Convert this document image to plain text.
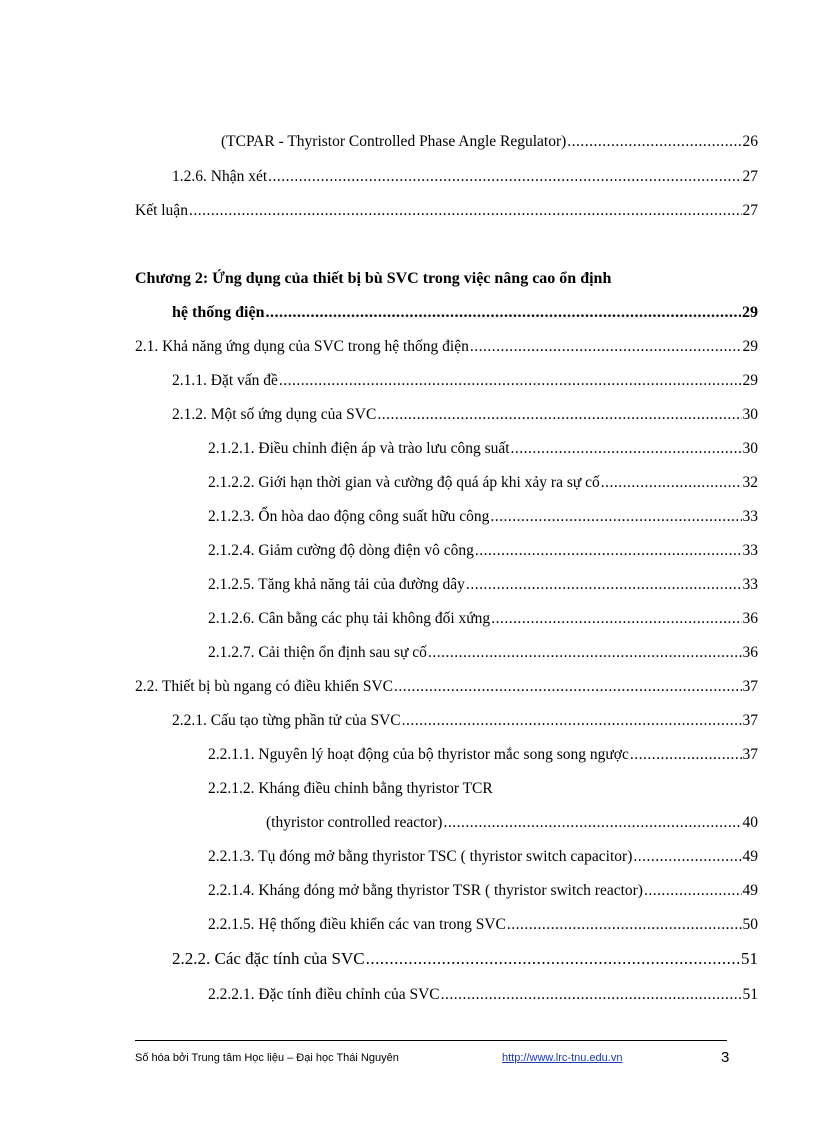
(TCPAR - Thyristor Controlled Phase Angle Regulator) .....	26
1.2.6. Nhận xét .....	27
Kết luận .....	27
Chương 2: Ứng dụng của thiết bị bù SVC trong việc nâng cao ổn định
hệ thống điện .....	29
2.1. Khả năng ứng dụng của SVC trong hệ thống điện .....	29
2.1.1. Đặt vấn đề .....	29
2.1.2. Một số ứng dụng của SVC .....	30
2.1.2.1. Điều chỉnh điện áp và trào lưu công suất .....	30
2.1.2.2. Giới hạn thời gian và cường độ quá áp khi xảy ra sự cố .....	32
2.1.2.3. Ổn hòa dao động công suất hữu công .....	33
2.1.2.4. Giảm cường độ dòng điện vô công .....	33
2.1.2.5. Tăng khả năng tải của đường dây .....	33
2.1.2.6. Cân bằng các phụ tải không đối xứng .....	36
2.1.2.7. Cải thiện ổn định sau sự cố .....	36
2.2. Thiết bị bù ngang có điều khiển SVC .....	37
2.2.1. Cấu tạo từng phần tử của SVC .....	37
2.2.1.1. Nguyên lý hoạt động của bộ thyristor mắc song song ngược .....	37
2.2.1.2. Kháng điều chỉnh bằng thyristor TCR
(thyristor controlled reactor) .....	40
2.2.1.3. Tụ đóng mở bằng thyristor TSC ( thyristor switch capacitor) .....	49
2.2.1.4. Kháng đóng mở bằng thyristor TSR ( thyristor switch reactor) .....	49
2.2.1.5. Hệ thống điều khiển các van trong SVC .....	50
2.2.2. Các đặc tính của SVC .....	51
2.2.2.1. Đặc tính điều chỉnh của SVC .....	51
Số hóa bởi Trung tâm Học liệu – Đại học Thái Nguyên	http://www.lrc-tnu.edu.vn	3
